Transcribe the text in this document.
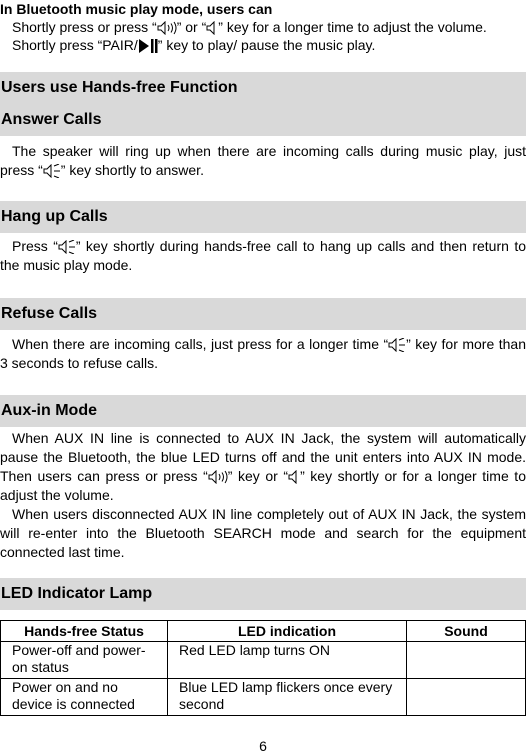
In Bluetooth music play mode, users can
Shortly press or press “ ” or “ ” key for a longer time to adjust the volume.
Shortly press “PAIR/ ” key to play/ pause the music play.
Users use Hands-free Function
Answer Calls
The speaker will ring up when there are incoming calls during music play, just press “ ” key shortly to answer.
Hang up Calls
Press “ ” key shortly during hands-free call to hang up calls and then return to the music play mode.
Refuse Calls
When there are incoming calls, just press for a longer time “ ” key for more than 3 seconds to refuse calls.
Aux-in Mode
When AUX IN line is connected to AUX IN Jack, the system will automatically pause the Bluetooth, the blue LED turns off and the unit enters into AUX IN mode. Then users can press or press “ ” key or “ ” key shortly or for a longer time to adjust the volume.
When users disconnected AUX IN line completely out of AUX IN Jack, the system will re-enter into the Bluetooth SEARCH mode and search for the equipment connected last time.
LED Indicator Lamp
Hands-free Status	LED indication	Sound
Power-off and power-on status	Red LED lamp turns ON	
Power on and no device is connected	Blue LED lamp flickers once every second	
6
